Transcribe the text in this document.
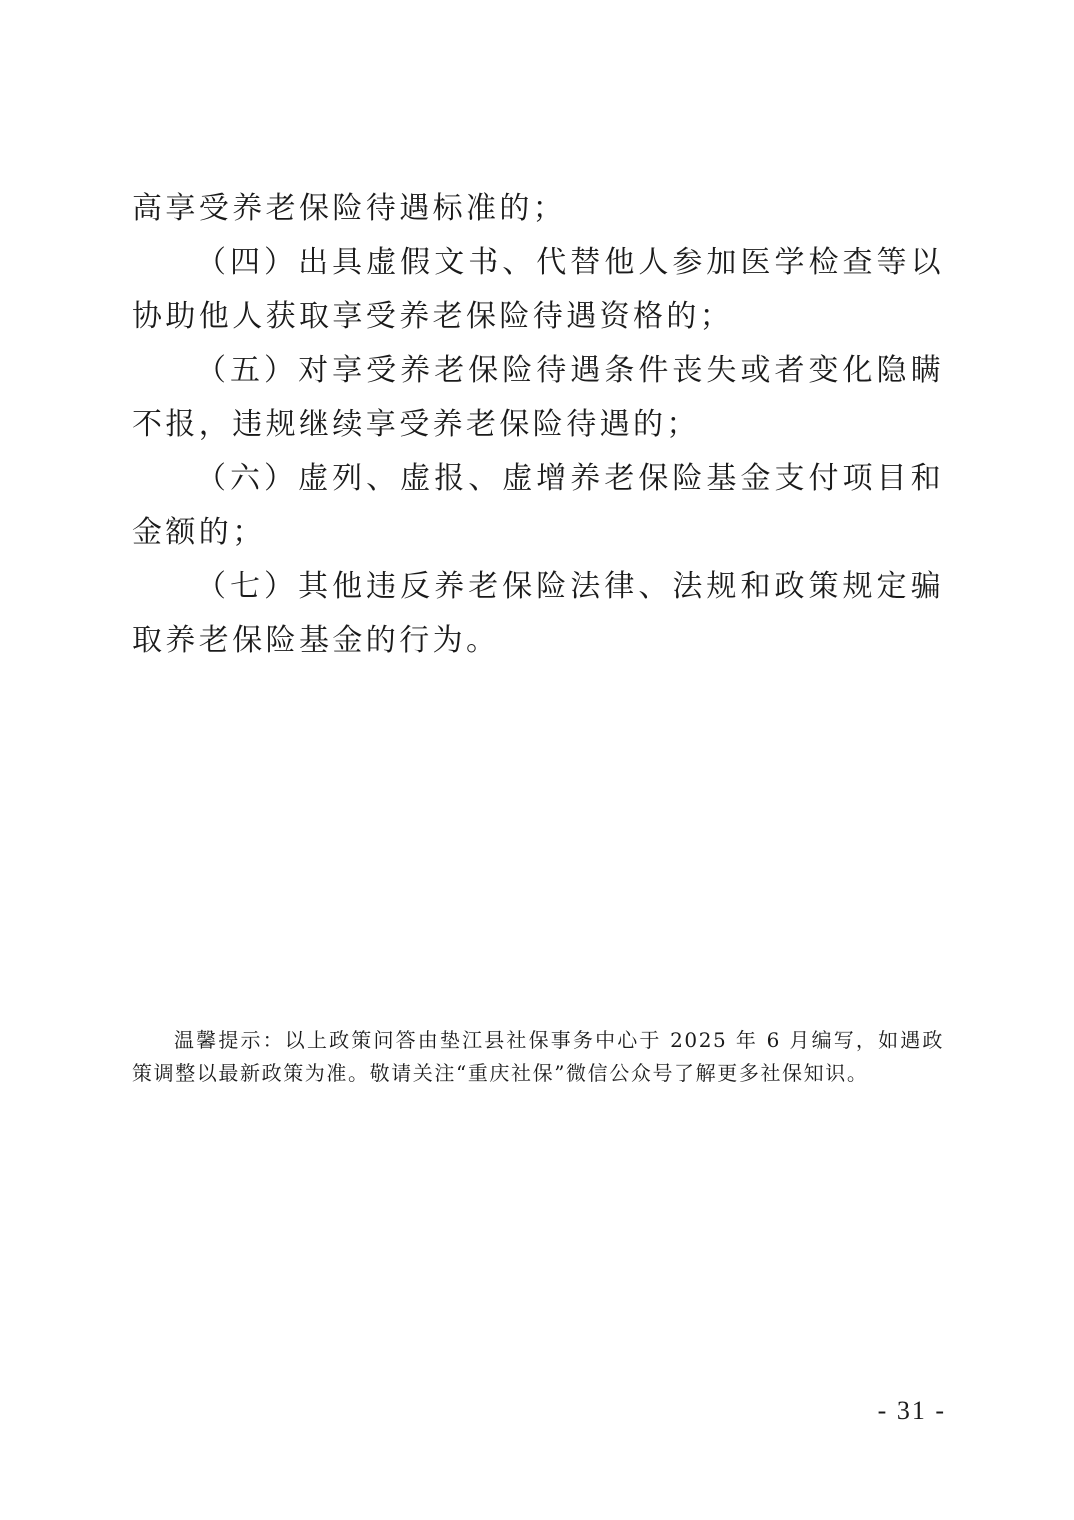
高享受养老保险待遇标准的；

（四）出具虚假文书、代替他人参加医学检查等以协助他人获取享受养老保险待遇资格的；

（五）对享受养老保险待遇条件丧失或者变化隐瞒不报，违规继续享受养老保险待遇的；

（六）虚列、虚报、虚增养老保险基金支付项目和金额的；

（七）其他违反养老保险法律、法规和政策规定骗取养老保险基金的行为。

温馨提示：以上政策问答由垫江县社保事务中心于 2025 年 6 月编写，如遇政策调整以最新政策为准。敬请关注“重庆社保”微信公众号了解更多社保知识。

- 31 -
